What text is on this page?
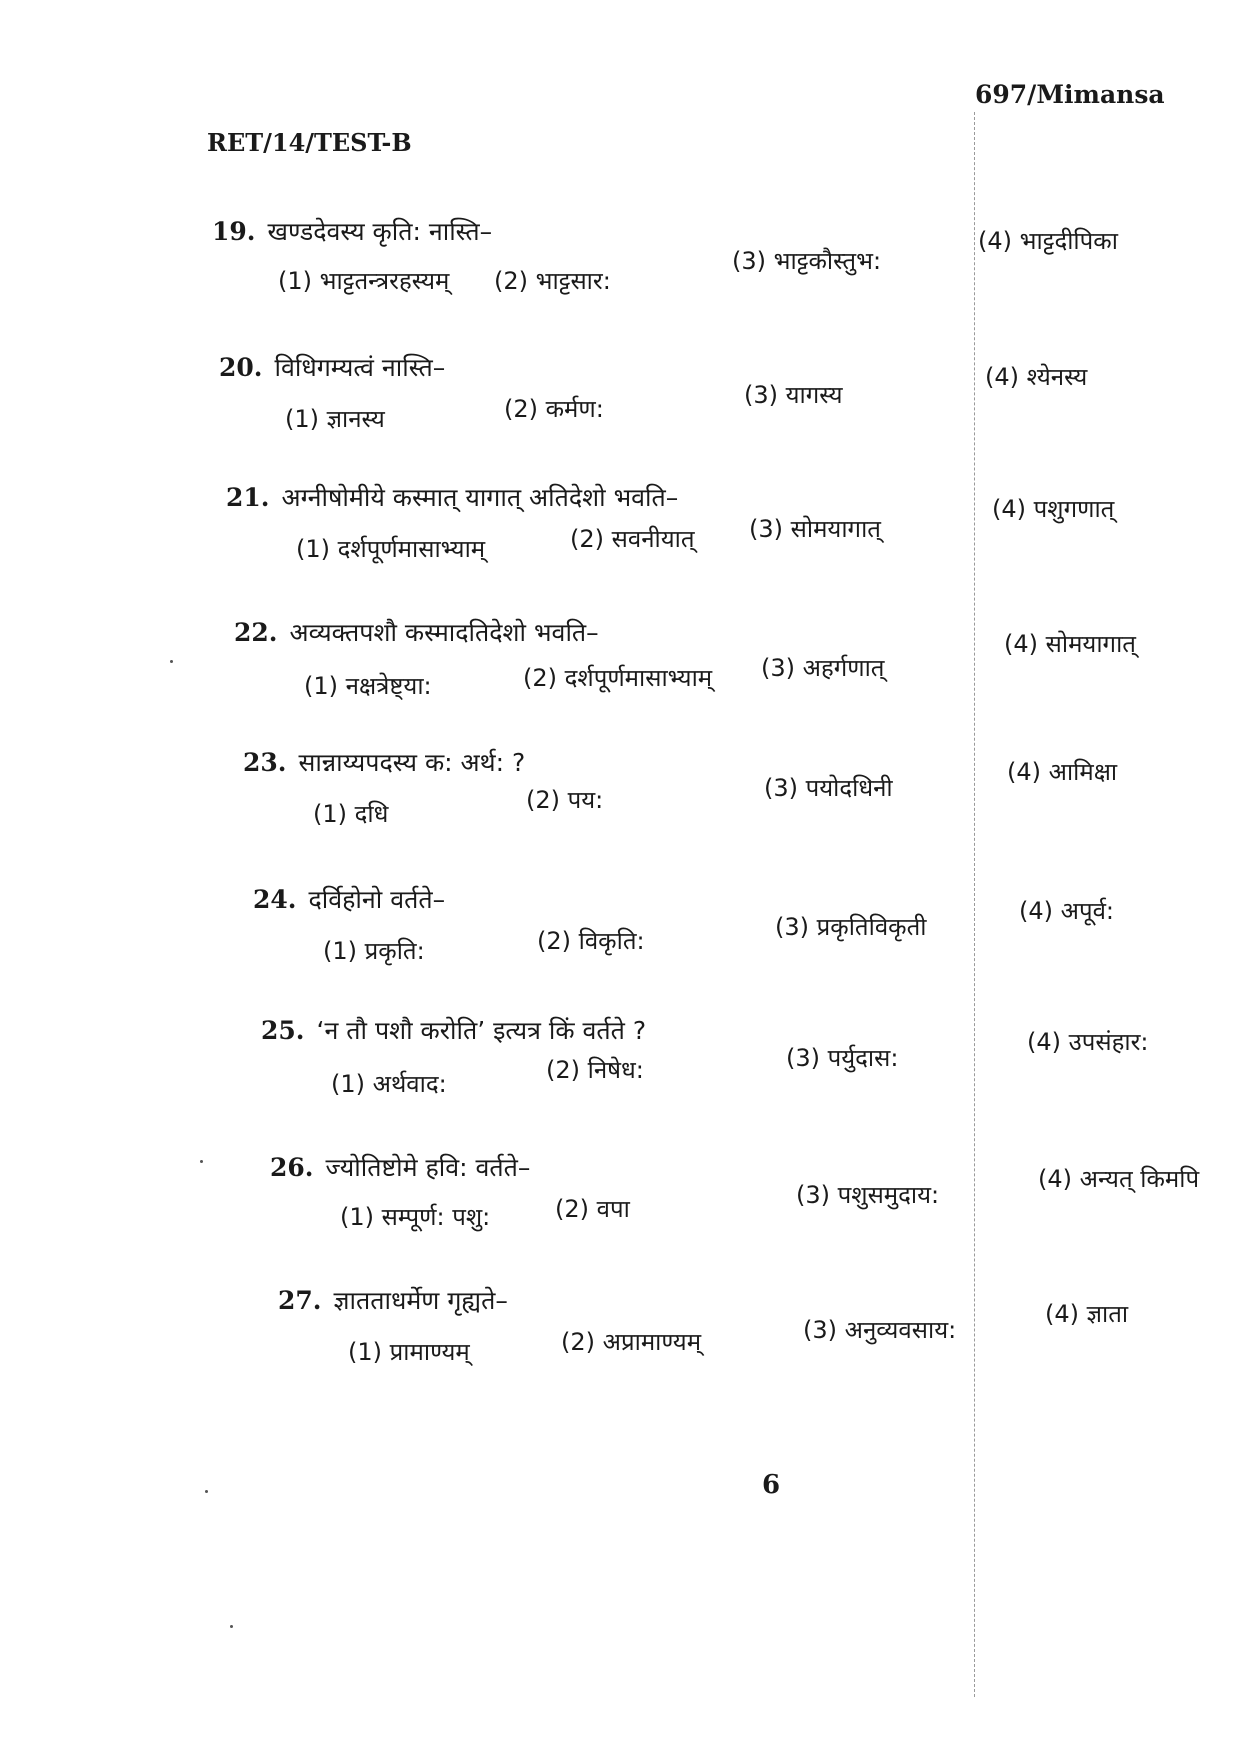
697/Mimansa
RET/14/TEST-B
19. खण्डदेवस्य कृति: नास्ति–
(1) भाट्टतन्त्ररहस्यम् (2) भाट्टसार:
(3) भाट्टकौस्तुभ:
(4) भाट्टदीपिका
20. विधिगम्यत्वं नास्ति–
(1) ज्ञानस्य	(2) कर्मण:	(3) यागस्य
(4) श्येनस्य
21. अग्नीषोमीये कस्मात् यागात् अतिदेशो भवति–
(1) दर्शपूर्णमासाभ्याम्	(2) सवनीयात् (3) सोमयागात्
(4) पशुगणात्
22. अव्यक्तपशौ कस्मादतिदेशो भवति–
(1) नक्षत्रेष्ट्या:	(2) दर्शपूर्णमासाभ्याम् (3) अहर्गणात्
(4) सोमयागात्
23. सान्नाय्यपदस्य क: अर्थ: ?
(1) दधि	(2) पय:	(3) पयोदधिनी
(4) आमिक्षा
24. दर्विहोनो वर्तते–
(1) प्रकृति:	(2) विकृति:	(3) प्रकृतिविकृती
(4) अपूर्व:
25. ‘न तौ पशौ करोति’ इत्यत्र किं वर्तते ?
(1) अर्थवाद:	(2) निषेध:	(3) पर्युदास:
(4) उपसंहार:
26. ज्योतिष्टोमे हवि: वर्तते–
(1) सम्पूर्ण: पशु:	(2) वपा	(3) पशुसमुदाय:
(4) अन्यत् किमपि
27. ज्ञातताधर्मेण गृह्यते–
(1) प्रामाण्यम्	(2) अप्रामाण्यम्	(3) अनुव्यवसाय:
(4) ज्ञाता
6
